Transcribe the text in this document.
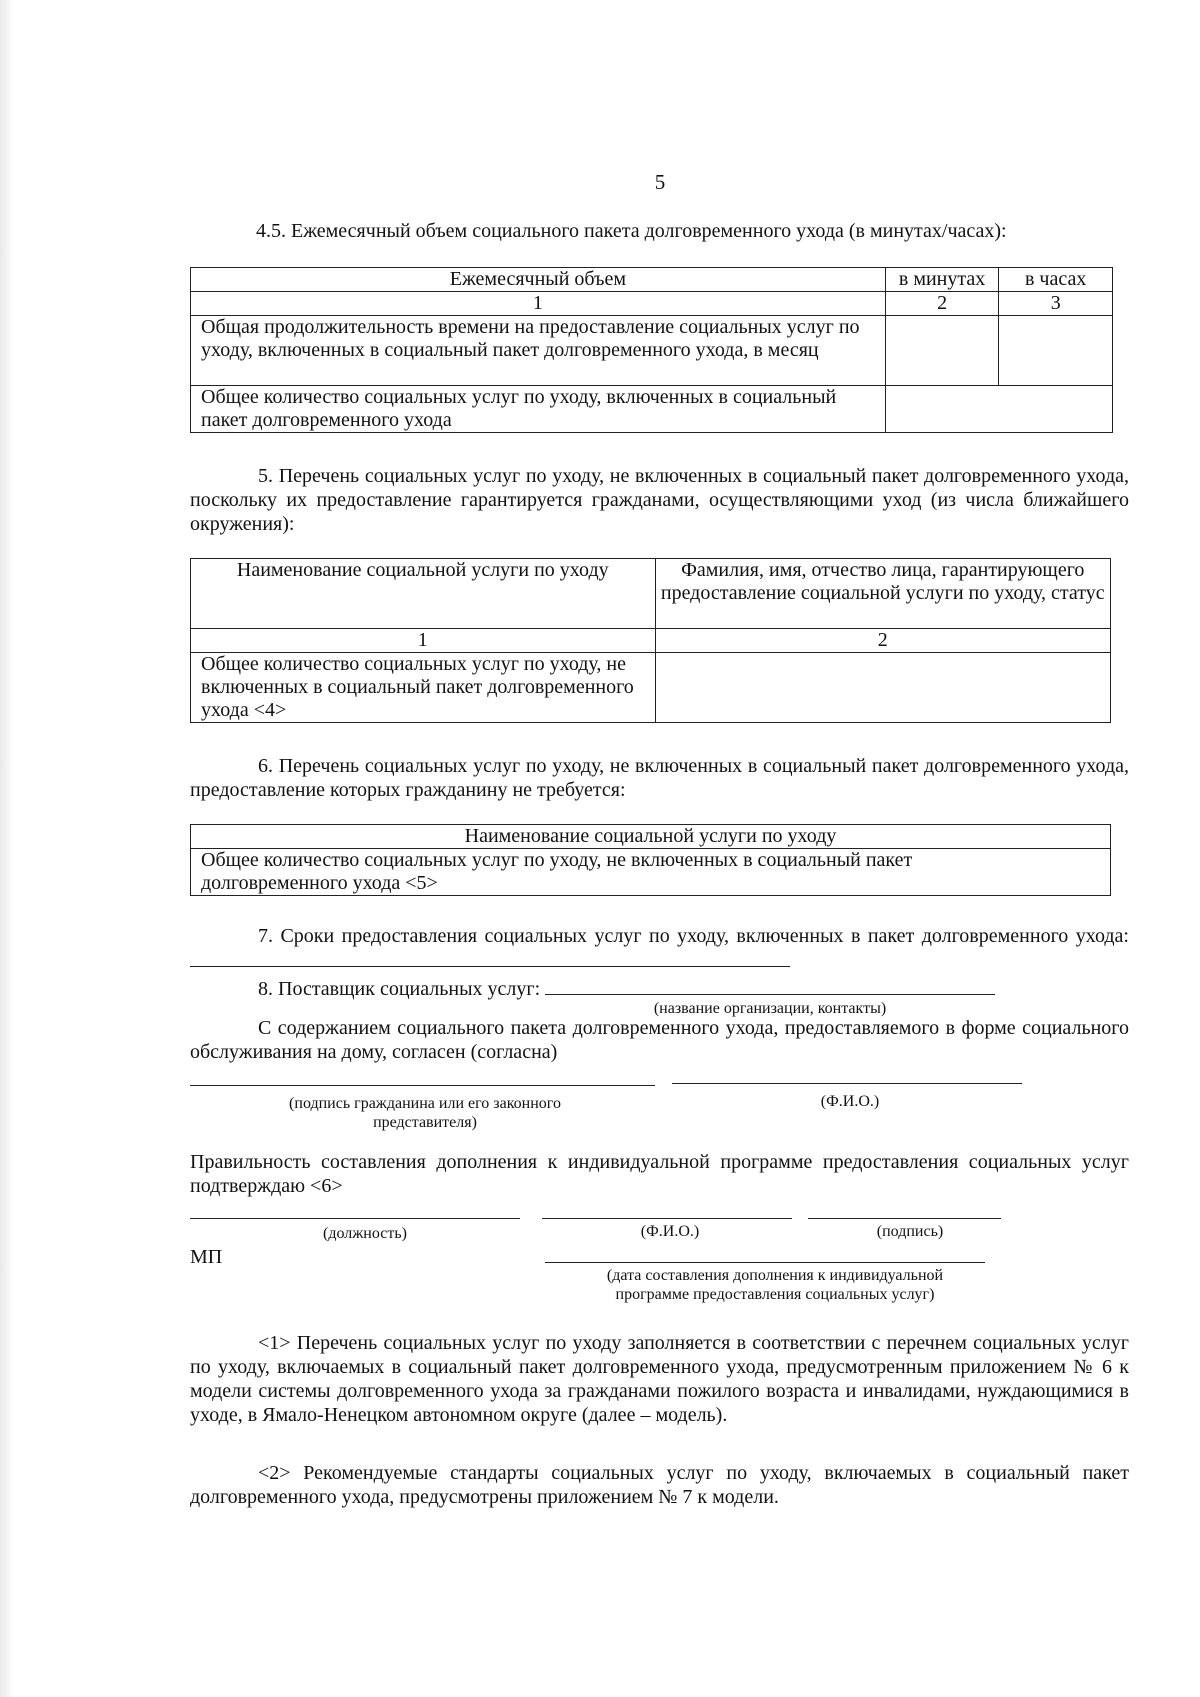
5
4.5. Ежемесячный объем социального пакета долговременного ухода (в минутах/часах):
Ежемесячный объем	в минутах	в часах
1	2	3
Общая продолжительность времени на предоставление социальных услуг по уходу, включенных в социальный пакет долговременного ухода, в месяц		
Общее количество социальных услуг по уходу, включенных в социальный пакет долговременного ухода		
5. Перечень социальных услуг по уходу, не включенных в социальный пакет долговременного ухода, поскольку их предоставление гарантируется гражданами, осуществляющими уход (из числа ближайшего окружения):
Наименование социальной услуги по уходу	Фамилия, имя, отчество лица, гарантирующего предоставление социальной услуги по уходу, статус
1	2
Общее количество социальных услуг по уходу, не включенных в социальный пакет долговременного ухода <4>	
6. Перечень социальных услуг по уходу, не включенных в социальный пакет долговременного ухода, предоставление которых гражданину не требуется:
Наименование социальной услуги по уходу
Общее количество социальных услуг по уходу, не включенных в социальный пакет долговременного ухода <5>
7. Сроки предоставления социальных услуг по уходу, включенных в пакет долговременного ухода:
8. Поставщик социальных услуг:
(название организации, контакты)
С содержанием социального пакета долговременного ухода, предоставляемого в форме социального обслуживания на дому, согласен (согласна)
(подпись гражданина или его законного представителя)
(Ф.И.О.)
Правильность составления дополнения к индивидуальной программе предоставления социальных услуг подтверждаю <6>
(должность)	(Ф.И.О.)	(подпись)
МП
(дата составления дополнения к индивидуальной программе предоставления социальных услуг)
<1> Перечень социальных услуг по уходу заполняется в соответствии с перечнем социальных услуг по уходу, включаемых в социальный пакет долговременного ухода, предусмотренным приложением № 6 к модели системы долговременного ухода за гражданами пожилого возраста и инвалидами, нуждающимися в уходе, в Ямало-Ненецком автономном округе (далее – модель).
<2> Рекомендуемые стандарты социальных услуг по уходу, включаемых в социальный пакет долговременного ухода, предусмотрены приложением № 7 к модели.
